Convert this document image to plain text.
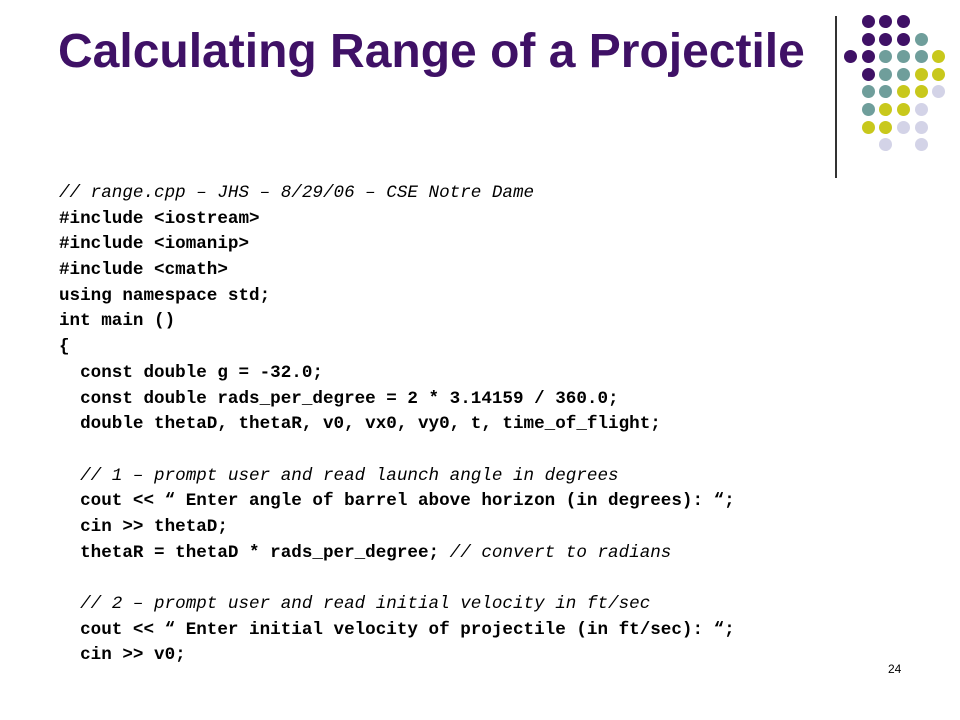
Calculating Range of a Projectile
// range.cpp – JHS – 8/29/06 – CSE Notre Dame
#include <iostream>
#include <iomanip>
#include <cmath>
using namespace std;
int main ()
{
const double g = -32.0;
const double rads_per_degree = 2 * 3.14159 / 360.0;
double thetaD, thetaR, v0, vx0, vy0, t, time_of_flight;
// 1 – prompt user and read launch angle in degrees
cout << “ Enter angle of barrel above horizon (in degrees): “;
cin >> thetaD;
thetaR = thetaD * rads_per_degree; // convert to radians
// 2 – prompt user and read initial velocity in ft/sec
cout << “ Enter initial velocity of projectile (in ft/sec): “;
cin >> v0;
24
